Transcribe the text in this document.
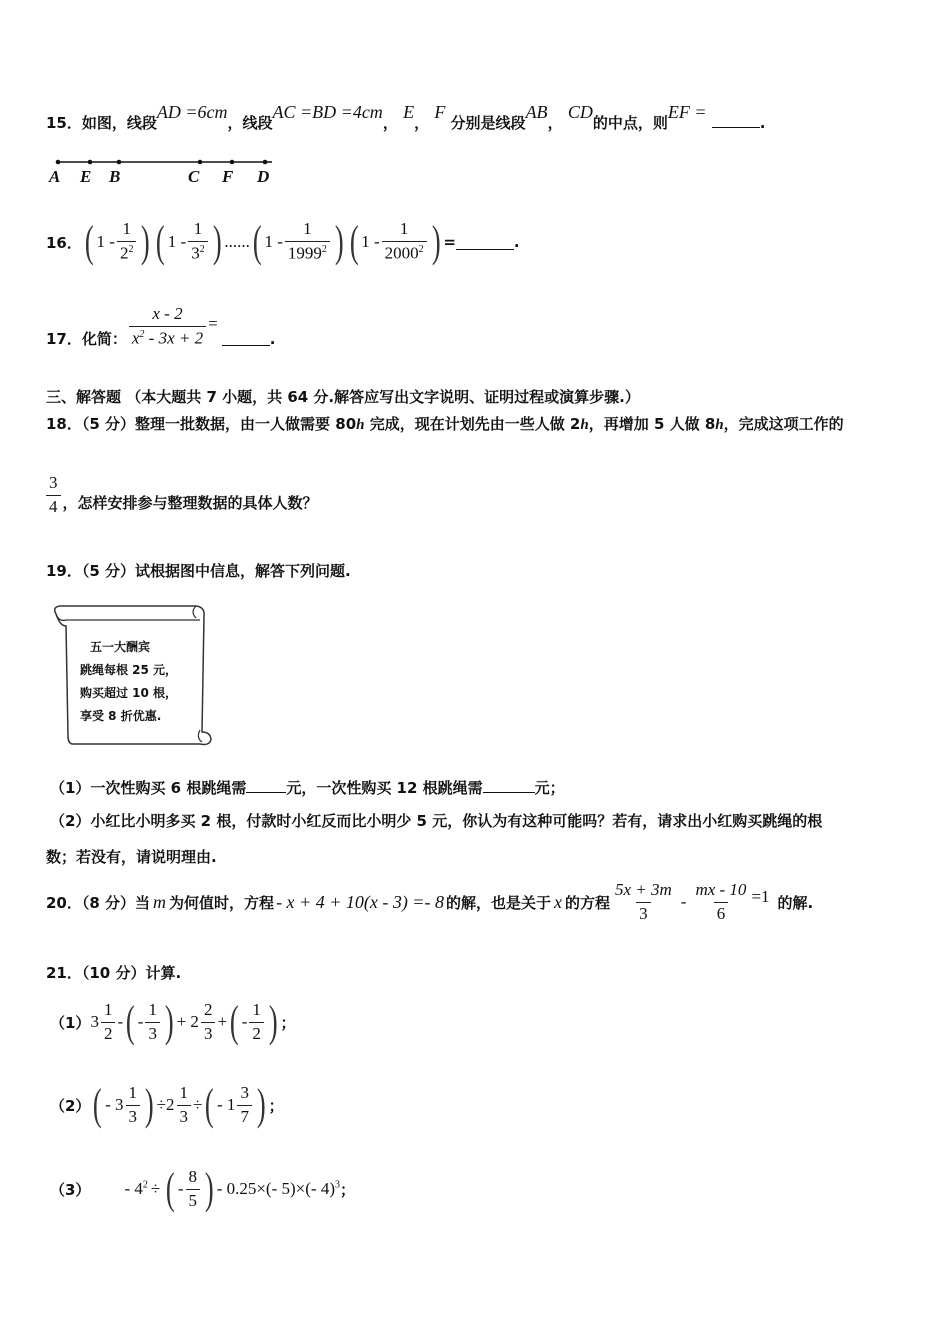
15．如图，线段AD =6cm，线段AC =BD =4cm， E， F 分别是线段AB， CD的中点，则EF = .
A E B	C F D
16． ( $1 - \frac{1}{2^2}$ ) ( $1 - \frac{1}{3^2}$ ) ...... ( $1 - \frac{1}{1999^2}$ ) ( $1 - \frac{1}{2000^2}$ ) =	.
17．化简： $\frac{x - 2}{x^2 - 3x + 2}$ =
.
三、解答题 （本大题共 7 小题，共 64 分.解答应写出文字说明、证明过程或演算步骤.）
18．（5 分）整理一批数据，由一人做需要 80h 完成，现在计划先由一些人做 2h，再增加 5 人做 8h，完成这项工作的
$\frac{3}{4}$ ，怎样安排参与整理数据的具体人数？
19．（5 分）试根据图中信息，解答下列问题.
五一大酬宾
跳绳每根 25 元，
购买超过 10 根，
享受 8 折优惠.
（1）一次性购买 6 根跳绳需	元，一次性购买 12 根跳绳需	元；
（2）小红比小明多买 2 根，付款时小红反而比小明少 5 元，你认为有这种可能吗？若有，请求出小红购买跳绳的根
数；若没有，请说明理由.
20．（8 分）当 m 为何值时，方程 - x + 4 + 10(x - 3) =- 8 的解，也是关于 x 的方程 $\frac{5x + 3m}{3} - \frac{mx - 10}{6} =1$ 的解.
21．（10 分）计算.
（1） $3 \frac{1}{2}$ - ( - $\frac{1}{3}$ ) + $2 \frac{2}{3}$ + ( - $\frac{1}{2}$ ) ；
（2） ( - $3 \frac{1}{3}$ ) $\div 2 \frac{1}{3}$ ÷ ( - $1 \frac{3}{7}$ ) ；
$(3) - 4^2$ ÷ ( - $\frac{8}{5}$ ) - 0.25×(- 5)×(- 4)$^3$ ；
